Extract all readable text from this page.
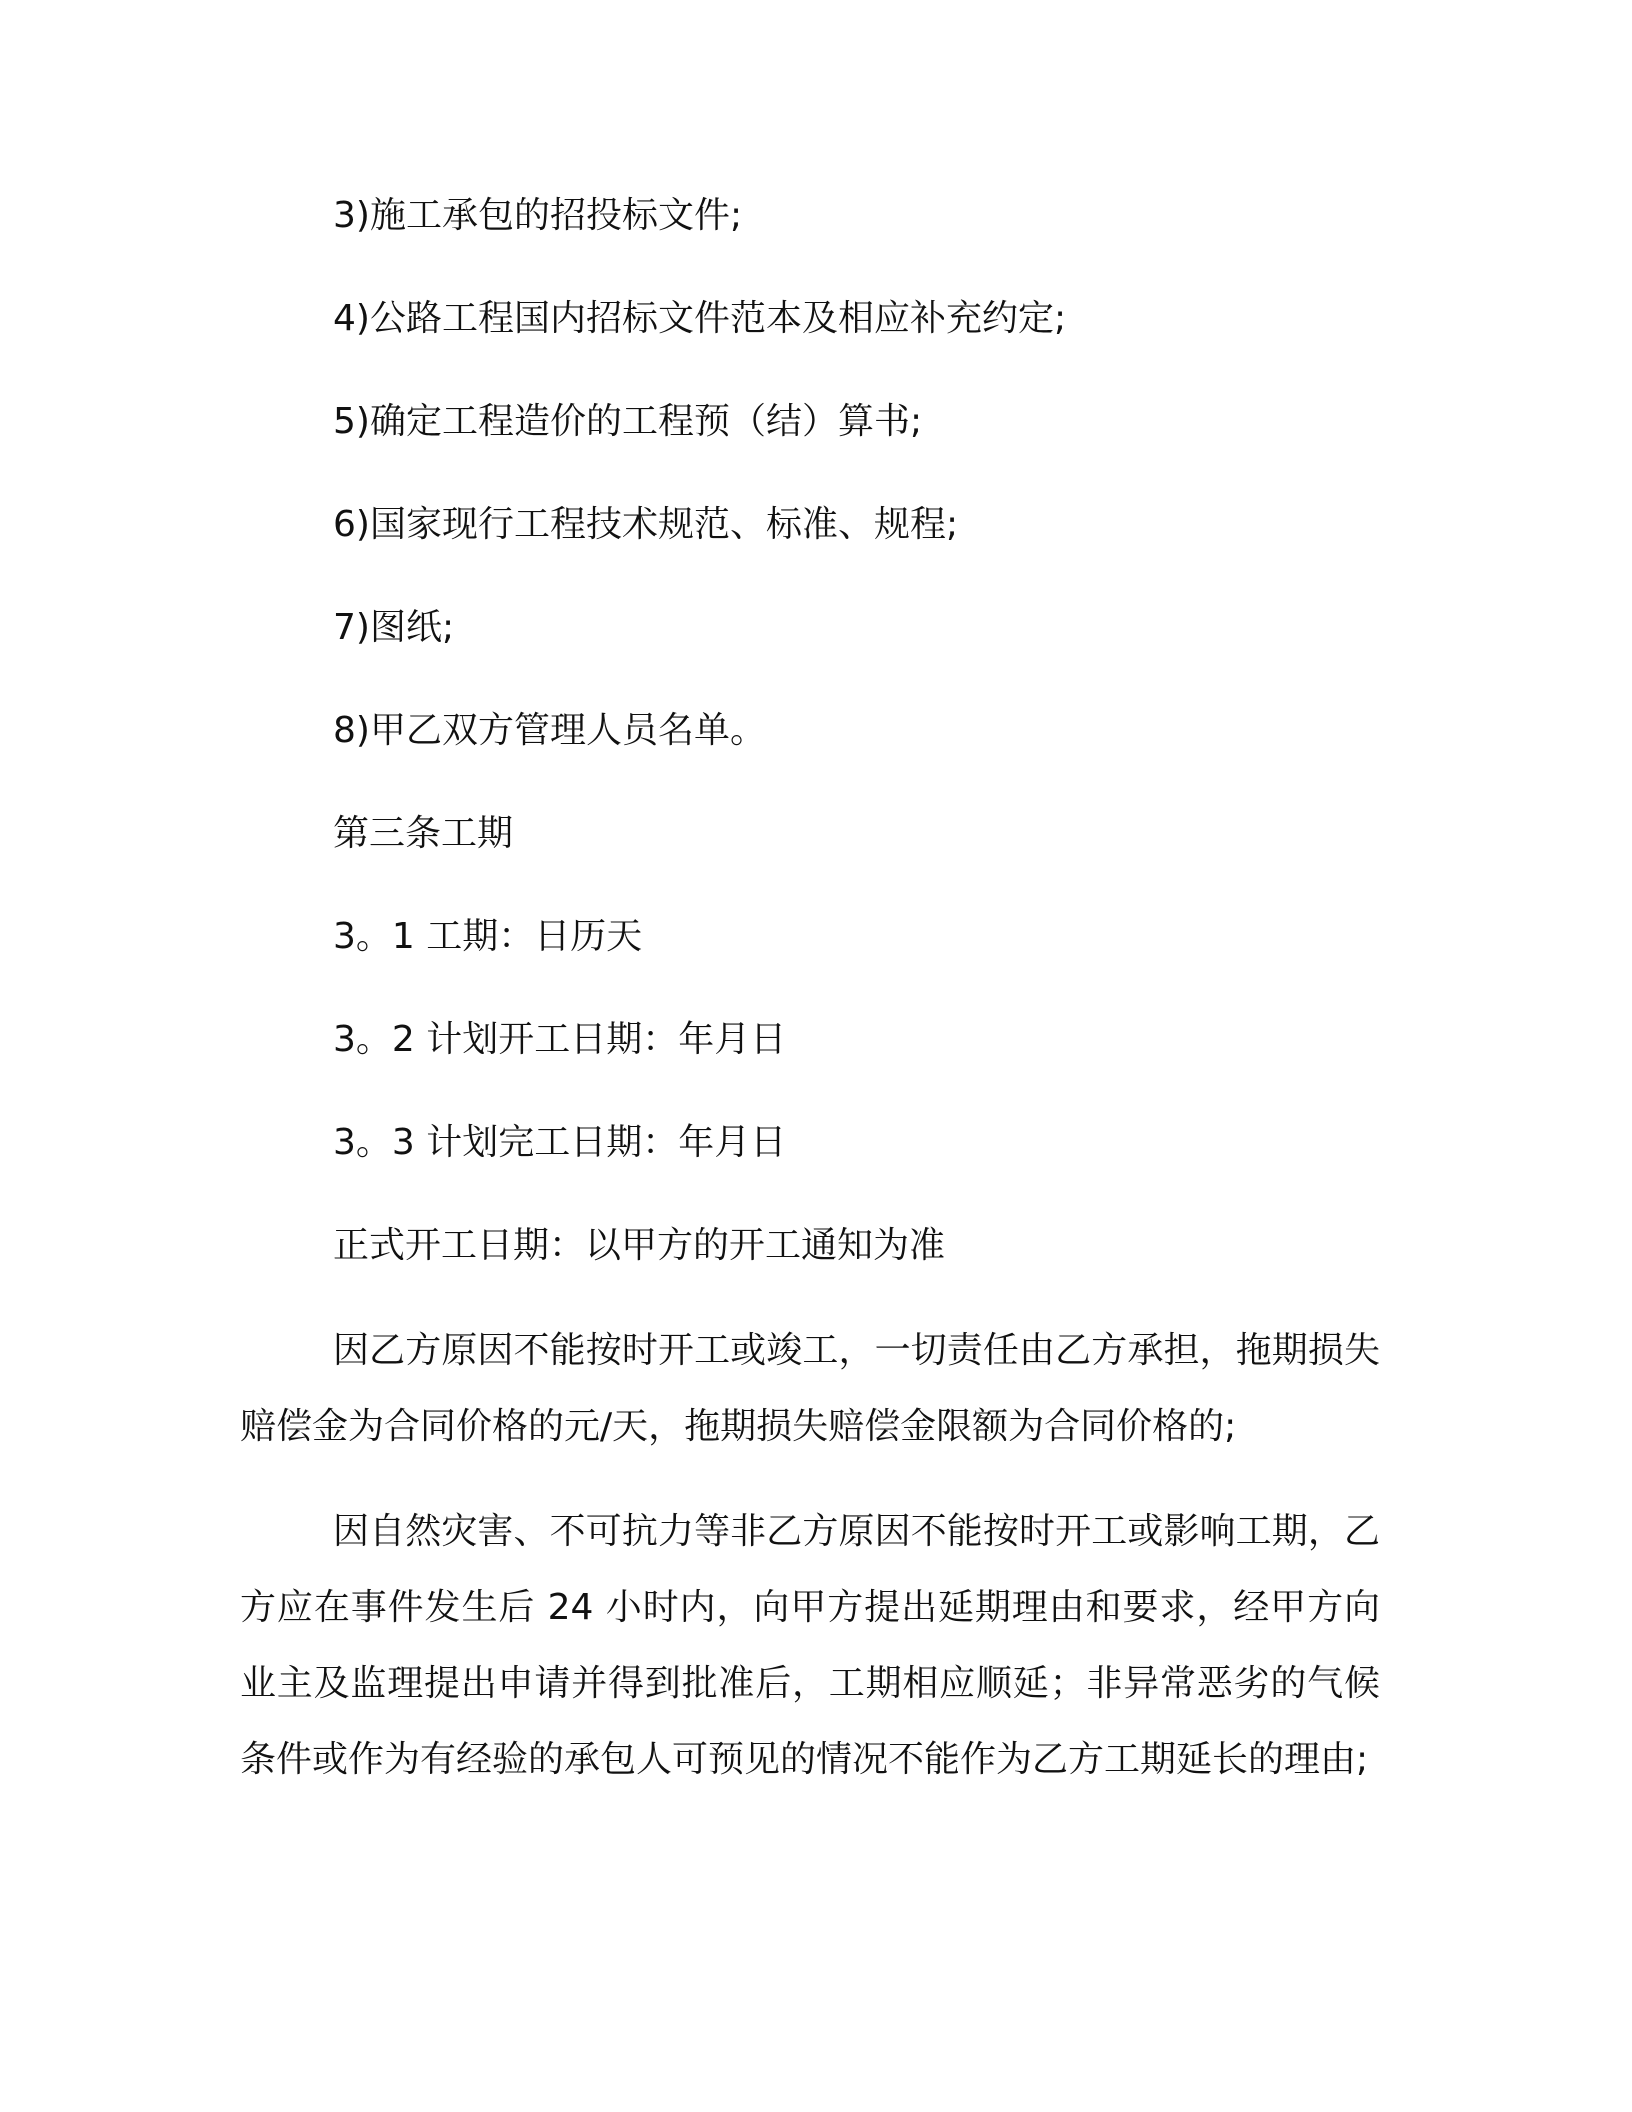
3)施工承包的招投标文件;
4)公路工程国内招标文件范本及相应补充约定;
5)确定工程造价的工程预（结）算书;
6)国家现行工程技术规范、标准、规程;
7)图纸;
8)甲乙双方管理人员名单。
第三条工期
3。1 工期：日历天
3。2 计划开工日期：年月日
3。3 计划完工日期：年月日
正式开工日期：以甲方的开工通知为准
因乙方原因不能按时开工或竣工，一切责任由乙方承担，拖期损失赔偿金为合同价格的元/天，拖期损失赔偿金限额为合同价格的;
因自然灾害、不可抗力等非乙方原因不能按时开工或影响工期，乙方应在事件发生后 24 小时内，向甲方提出延期理由和要求，经甲方向业主及监理提出申请并得到批准后，工期相应顺延；非异常恶劣的气候条件或作为有经验的承包人可预见的情况不能作为乙方工期延长的理由;
